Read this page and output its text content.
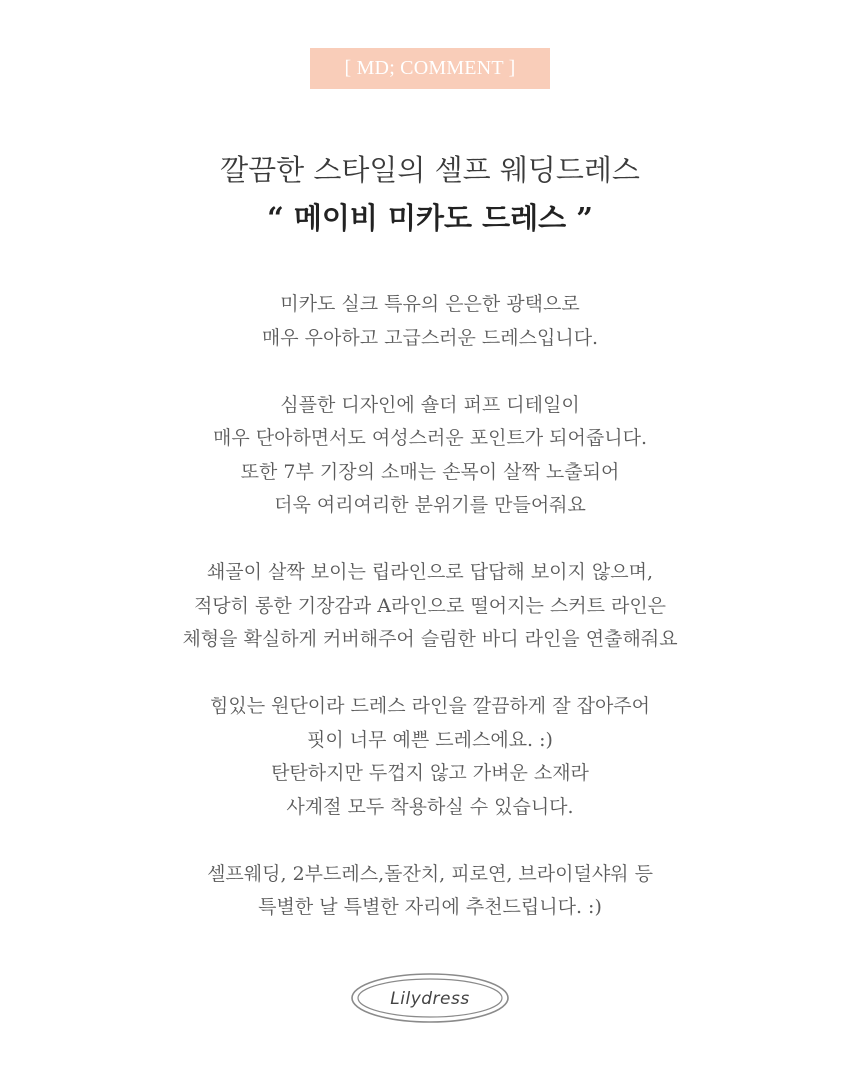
[ MD; COMMENT ]
깔끔한 스타일의 셀프 웨딩드레스
“ 메이비 미카도 드레스 ”
미카도 실크 특유의 은은한 광택으로
매우 우아하고 고급스러운 드레스입니다.
심플한 디자인에 숄더 퍼프 디테일이
매우 단아하면서도 여성스러운 포인트가 되어줍니다.
또한 7부 기장의 소매는 손목이 살짝 노출되어
더욱 여리여리한 분위기를 만들어줘요
쇄골이 살짝 보이는 립라인으로 답답해 보이지 않으며,
적당히 롱한 기장감과 A라인으로 떨어지는 스커트 라인은
체형을 확실하게 커버해주어 슬림한 바디 라인을 연출해줘요
힘있는 원단이라 드레스 라인을 깔끔하게 잘 잡아주어
핏이 너무 예쁜 드레스에요. :)
탄탄하지만 두껍지 않고 가벼운 소재라
사계절 모두 착용하실 수 있습니다.
셀프웨딩, 2부드레스,돌잔치, 피로연, 브라이덜샤워 등
특별한 날 특별한 자리에 추천드립니다. :)
Lilydress
